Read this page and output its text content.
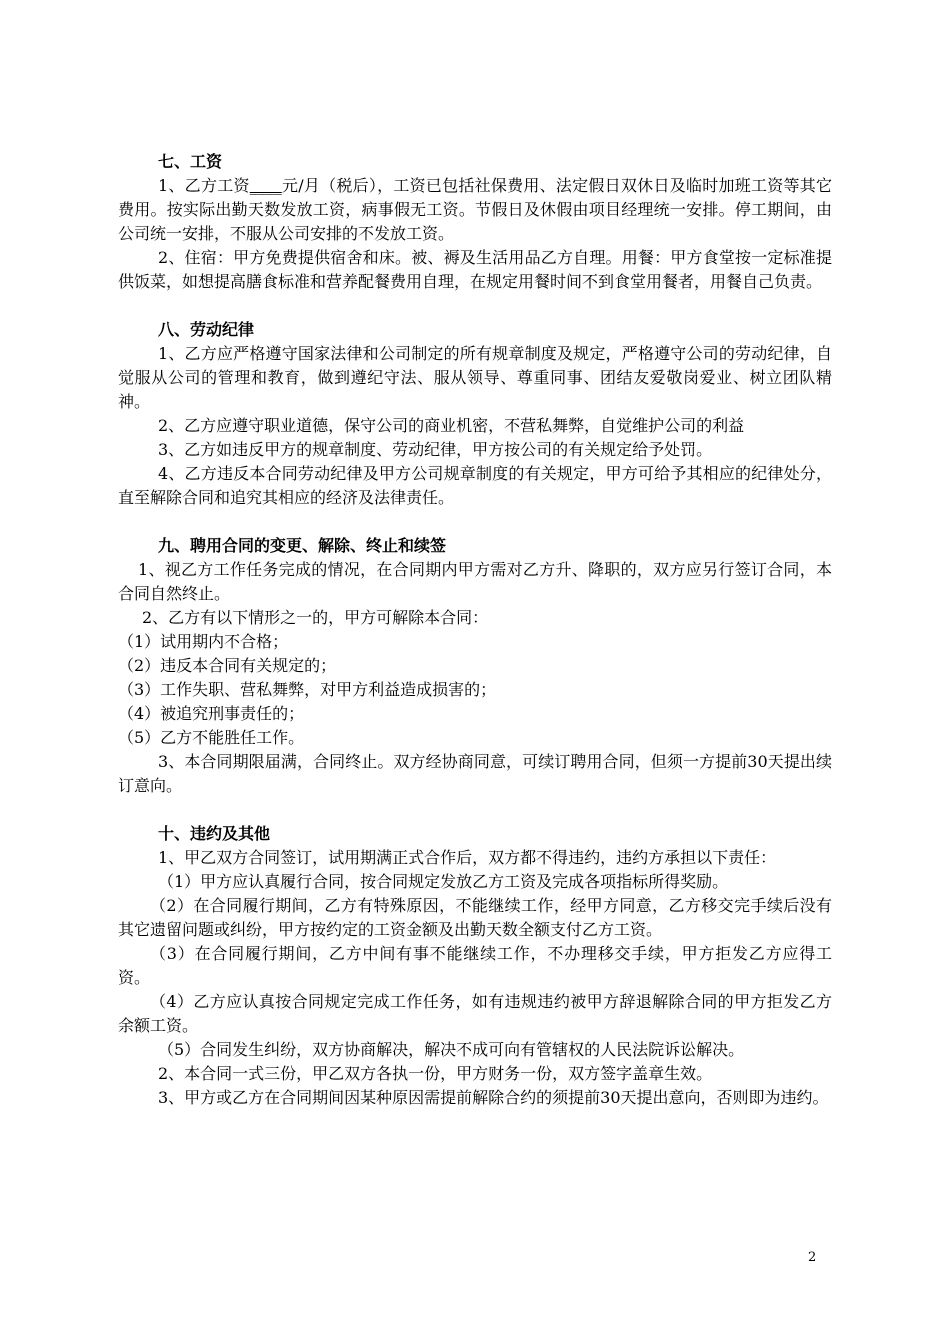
七、工资

1、乙方工资____元/月（税后），工资已包括社保费用、法定假日双休日及临时加班工资等其它费用。按实际出勤天数发放工资，病事假无工资。节假日及休假由项目经理统一安排。停工期间，由公司统一安排，不服从公司安排的不发放工资。

2、住宿：甲方免费提供宿舍和床。被、褥及生活用品乙方自理。用餐：甲方食堂按一定标准提供饭菜，如想提高膳食标准和营养配餐费用自理，在规定用餐时间不到食堂用餐者，用餐自己负责。

八、劳动纪律

1、乙方应严格遵守国家法律和公司制定的所有规章制度及规定，严格遵守公司的劳动纪律，自觉服从公司的管理和教育，做到遵纪守法、服从领导、尊重同事、团结友爱敬岗爱业、树立团队精神。

2、乙方应遵守职业道德，保守公司的商业机密，不营私舞弊，自觉维护公司的利益

3、乙方如违反甲方的规章制度、劳动纪律，甲方按公司的有关规定给予处罚。

4、乙方违反本合同劳动纪律及甲方公司规章制度的有关规定，甲方可给予其相应的纪律处分，直至解除合同和追究其相应的经济及法律责任。

九、聘用合同的变更、解除、终止和续签

1、视乙方工作任务完成的情况，在合同期内甲方需对乙方升、降职的，双方应另行签订合同，本合同自然终止。

2、乙方有以下情形之一的，甲方可解除本合同：

（1）试用期内不合格；

（2）违反本合同有关规定的；

（3）工作失职、营私舞弊，对甲方利益造成损害的；

（4）被追究刑事责任的；

（5）乙方不能胜任工作。

3、本合同期限届满，合同终止。双方经协商同意，可续订聘用合同，但须一方提前30天提出续订意向。

十、违约及其他

1、甲乙双方合同签订，试用期满正式合作后，双方都不得违约，违约方承担以下责任：

（1）甲方应认真履行合同，按合同规定发放乙方工资及完成各项指标所得奖励。

（2）在合同履行期间，乙方有特殊原因，不能继续工作，经甲方同意，乙方移交完手续后没有其它遗留问题或纠纷，甲方按约定的工资金额及出勤天数全额支付乙方工资。

（3）在合同履行期间，乙方中间有事不能继续工作，不办理移交手续，甲方拒发乙方应得工资。

（4）乙方应认真按合同规定完成工作任务，如有违规违约被甲方辞退解除合同的甲方拒发乙方余额工资。

（5）合同发生纠纷，双方协商解决，解决不成可向有管辖权的人民法院诉讼解决。

2、本合同一式三份，甲乙双方各执一份，甲方财务一份，双方签字盖章生效。

3、甲方或乙方在合同期间因某种原因需提前解除合约的须提前30天提出意向，否则即为违约。

2
